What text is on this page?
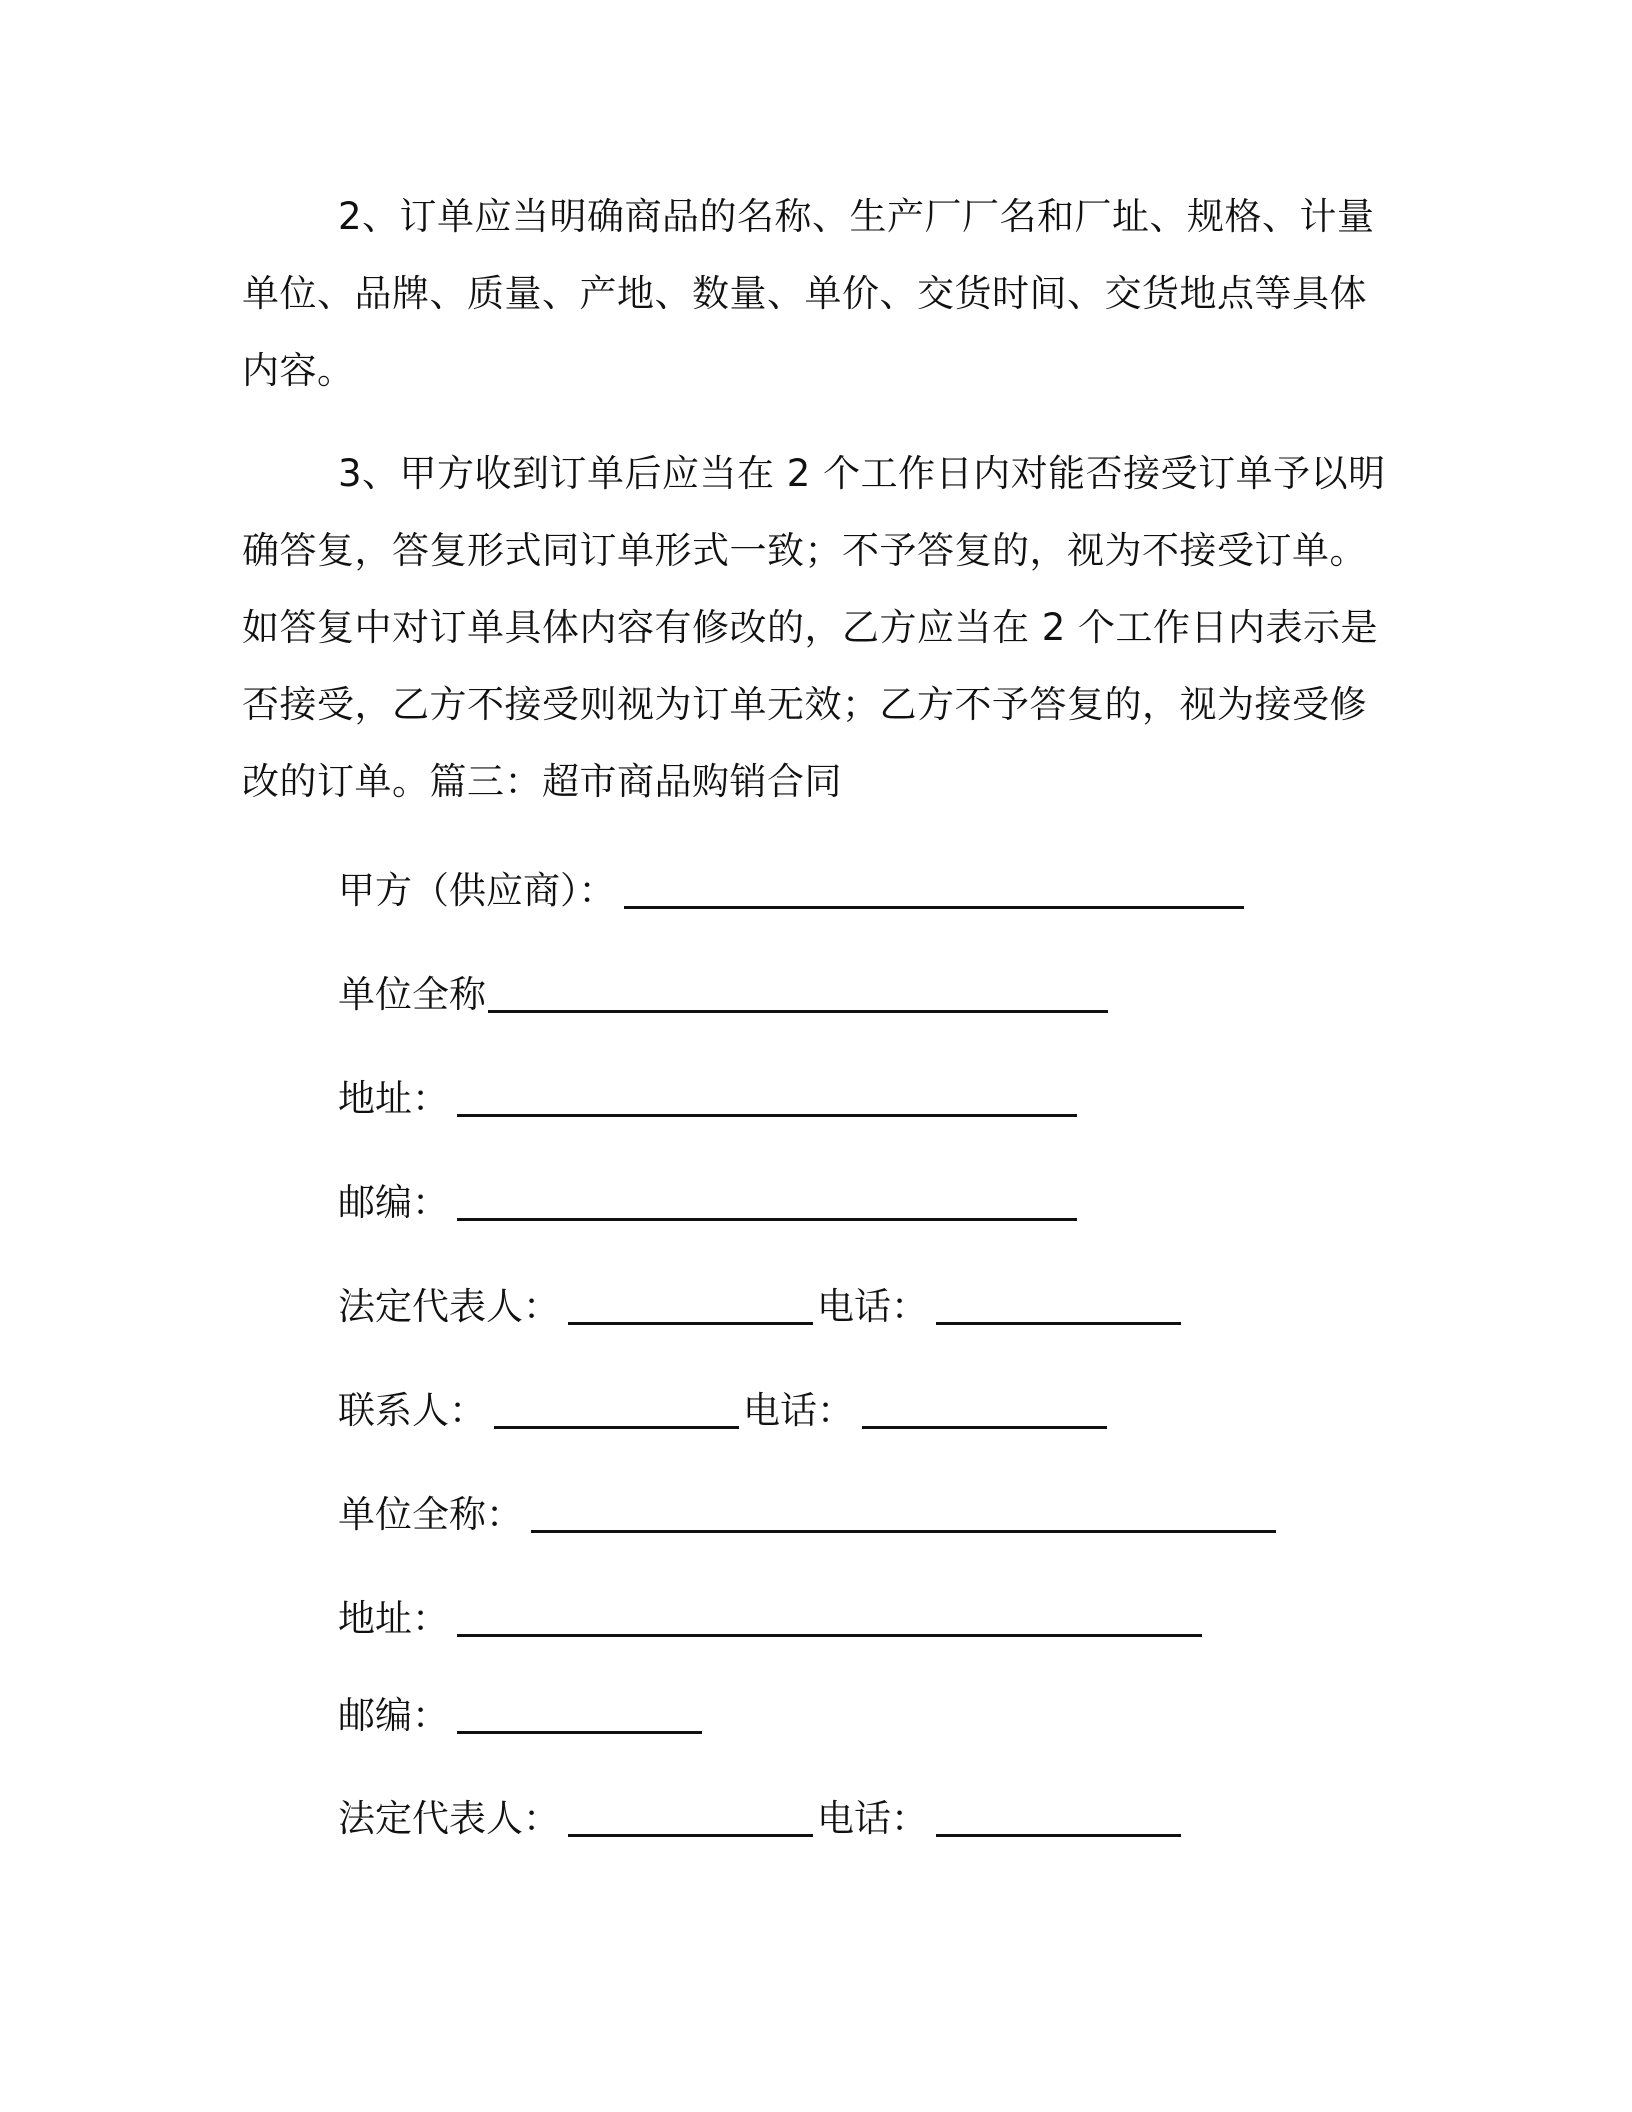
2、订单应当明确商品的名称、生产厂厂名和厂址、规格、计量
单位、品牌、质量、产地、数量、单价、交货时间、交货地点等具体
内容。
3、甲方收到订单后应当在 2 个工作日内对能否接受订单予以明
确答复，答复形式同订单形式一致；不予答复的，视为不接受订单。
如答复中对订单具体内容有修改的，乙方应当在 2 个工作日内表示是
否接受，乙方不接受则视为订单无效；乙方不予答复的，视为接受修
改的订单。篇三：超市商品购销合同
甲方（供应商）：
单位全称
地址：
邮编：
法定代表人：	电话：
联系人：	电话：
单位全称：
地址：
邮编：
法定代表人：	电话：
